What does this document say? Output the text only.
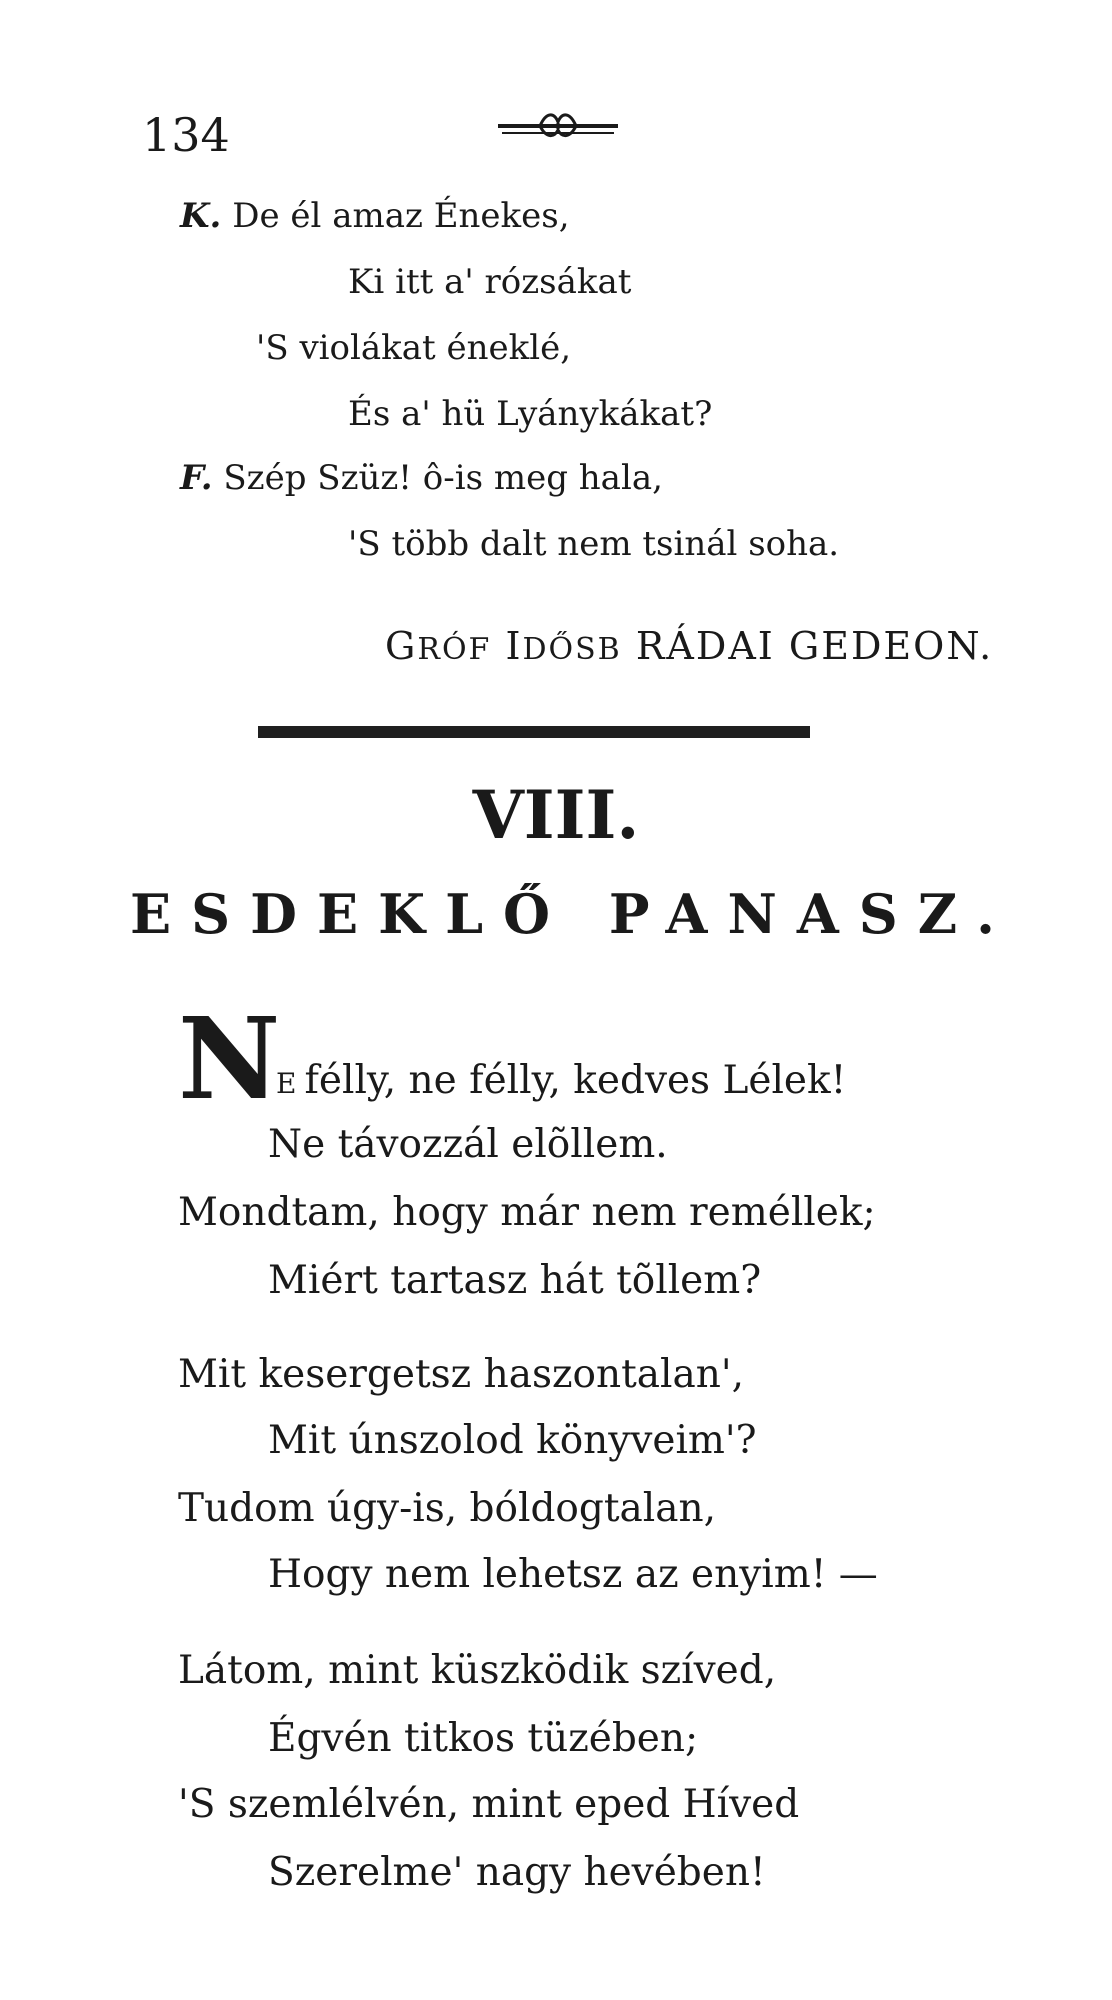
134
K. De él amaz Énekes,
Ki itt a' rózsákat
'S violákat éneklé,
És a' hü Lyánykákat?
F. Szép Szüz! ô-is meg hala,
'S több dalt nem tsinál soha.
GRÓF IDŐSB RÁDAI GEDEON.
VIII.
ESDEKLŐ PANASZ.
N
E félly, ne félly, kedves Lélek!
Ne távozzál elõllem.
Mondtam, hogy már nem reméllek;
Miért tartasz hát tõllem?
Mit kesergetsz haszontalan',
Mit únszolod könyveim'?
Tudom úgy-is, bóldogtalan,
Hogy nem lehetsz az enyim! —
Látom, mint küszködik szíved,
Égvén titkos tüzében;
'S szemlélvén, mint eped Híved
Szerelme' nagy hevében!
